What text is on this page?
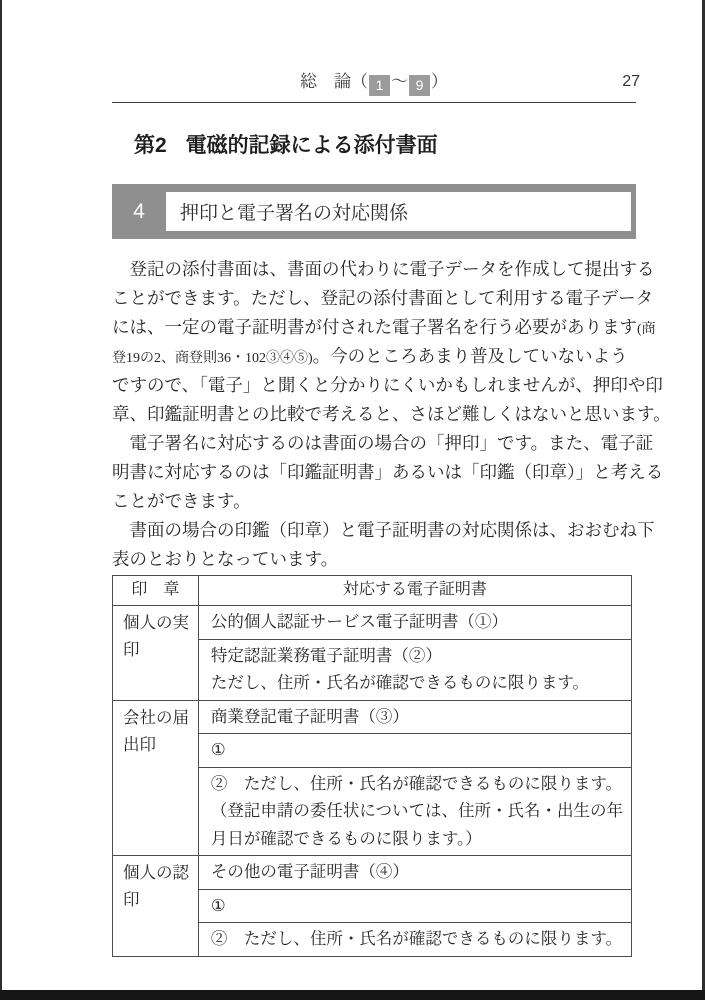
総　論（ 1 ～ 9 ）	27
第2 電磁的記録による添付書面
4	押印と電子署名の対応関係
登記の添付書面は、書面の代わりに電子データを作成して提出する
ことができます。ただし、登記の添付書面として利用する電子データ
には、一定の電子証明書が付された電子署名を行う必要があります(商
登19の2、商登則36・102③④⑤)。今のところあまり普及していないよう
ですので、「電子」と聞くと分かりにくいかもしれませんが、押印や印
章、印鑑証明書との比較で考えると、さほど難しくはないと思います。
電子署名に対応するのは書面の場合の「押印」です。また、電子証
明書に対応するのは「印鑑証明書」あるいは「印鑑（印章）」と考える
ことができます。
書面の場合の印鑑（印章）と電子証明書の対応関係は、おおむね下
表のとおりとなっています。
印　章	対応する電子証明書
個人の実印	公的個人認証サービス電子証明書（①）

	特定認証業務電子証明書（②）
ただし、住所・氏名が確認できるものに限ります。

会社の届出印	商業登記電子証明書（③）

	①

	②　ただし、住所・氏名が確認できるものに限ります。
（登記申請の委任状については、住所・氏名・出生の年
月日が確認できるものに限ります。）

個人の認印	その他の電子証明書（④）

	①

	②　ただし、住所・氏名が確認できるものに限ります。
